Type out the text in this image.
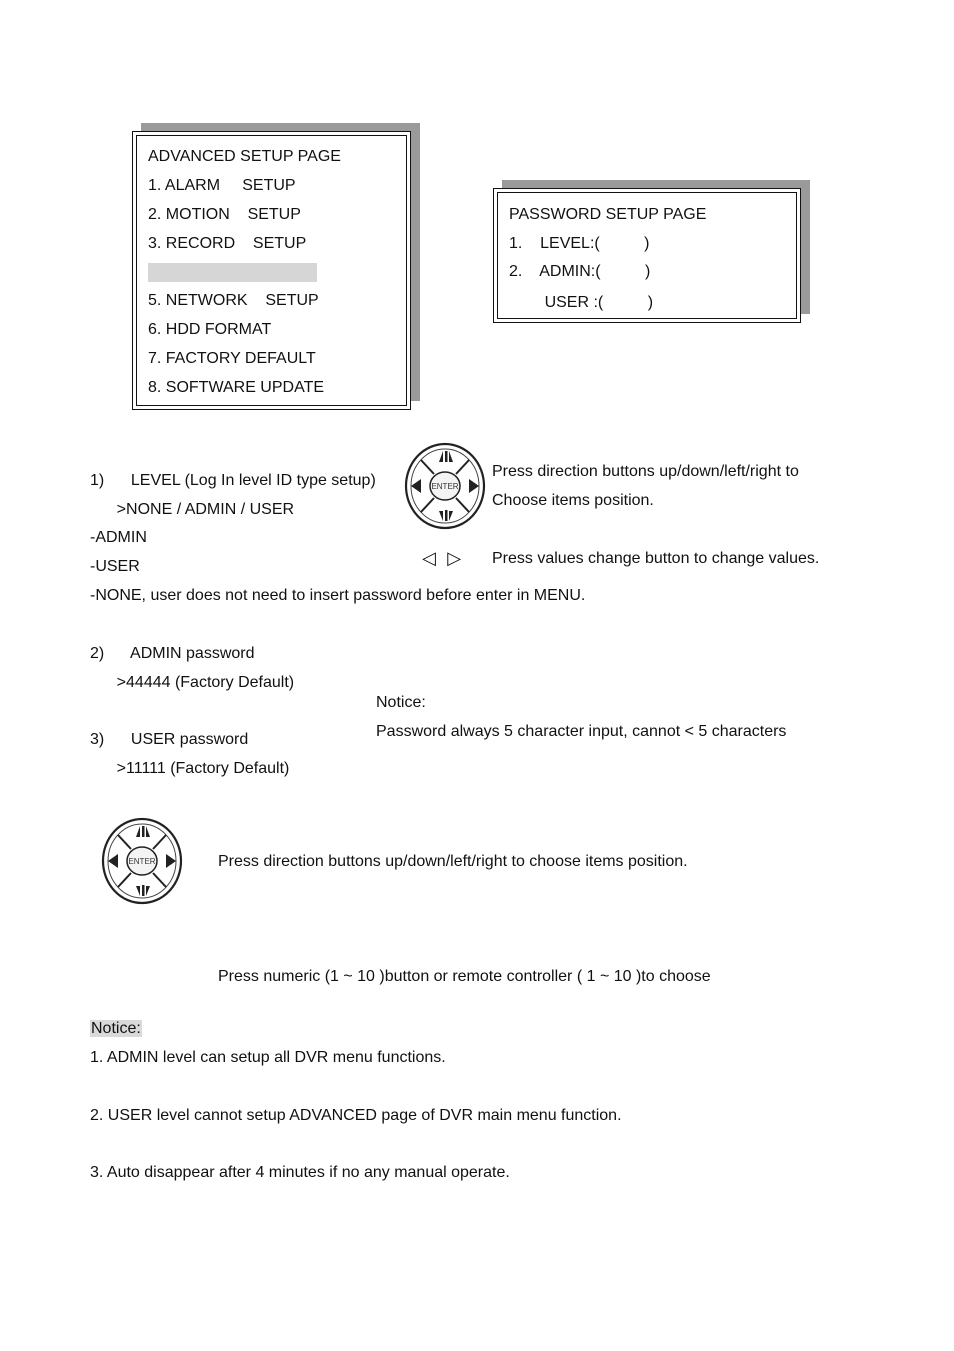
ADVANCED SETUP PAGE
1. ALARM     SETUP
2. MOTION    SETUP
3. RECORD    SETUP
5. NETWORK    SETUP
6. HDD FORMAT
7. FACTORY DEFAULT
8. SOFTWARE UPDATE
PASSWORD SETUP PAGE
1.    LEVEL:(          )
2.    ADMIN:(          )
USER :(          )
1)      LEVEL (Log In level ID type setup)
>NONE / ADMIN / USER
-ADMIN
-USER
-NONE, user does not need to insert password before enter in MENU.
ENTER
Press direction buttons up/down/left/right to
Choose items position.
◁  ▷ Press values change button to change values.
2)      ADMIN password
>44444 (Factory Default)
Notice:
Password always 5 character input, cannot < 5 characters
3)      USER password
>11111 (Factory Default)
ENTER	Press direction buttons up/down/left/right to choose items position.
Press numeric (1 ~ 10 )button or remote controller ( 1 ~ 10 )to choose
Notice:
1. ADMIN level can setup all DVR menu functions.
2. USER level cannot setup ADVANCED page of DVR main menu function.
3. Auto disappear after 4 minutes if no any manual operate.
